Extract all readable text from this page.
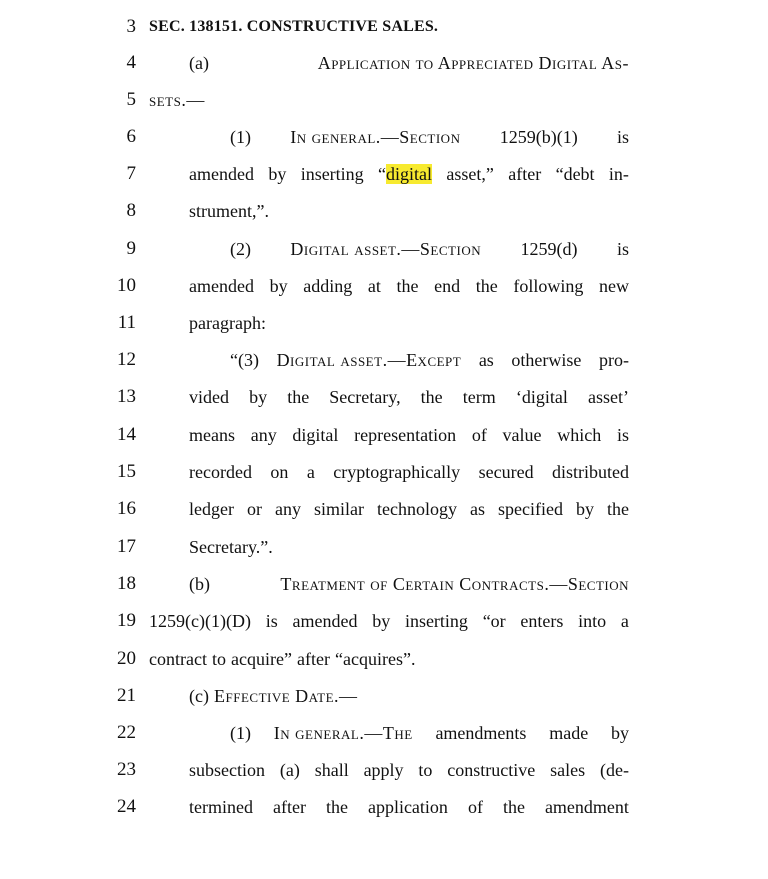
3 SEC. 138151. CONSTRUCTIVE SALES.
4	(a)	Application to Appreciated Digital As-
5 sets.—
6	(1) In general.—Section 1259(b)(1) is
7	amended by inserting “digital asset,” after “debt in-
8	strument,”.
9	(2) Digital asset.—Section 1259(d) is
10	amended by adding at the end the following new
11	paragraph:
12	“(3) Digital asset.—Except as otherwise pro-
13	vided by the Secretary, the term ‘digital asset’
14	means any digital representation of value which is
15	recorded on a cryptographically secured distributed
16	ledger or any similar technology as specified by the
17	Secretary.”.
18	(b)	Treatment of Certain Contracts.—Section
19 1259(c)(1)(D) is amended by inserting “or enters into a
20 contract to acquire” after “acquires”.
21	(c) Effective Date.—
22	(1) In general.—The amendments made by
23	subsection (a) shall apply to constructive sales (de-
24	termined after the application of the amendment
